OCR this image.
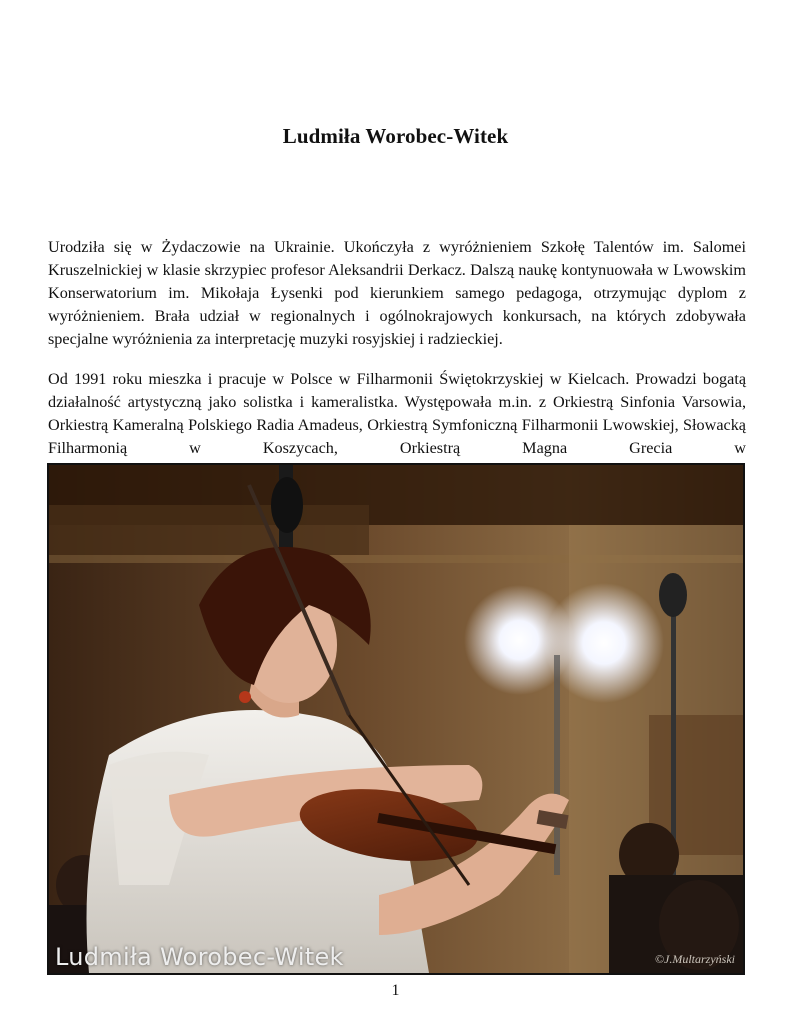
Ludmiła Worobec-Witek

Urodziła się w Żydaczowie na Ukrainie. Ukończyła z wyróżnieniem Szkołę Talentów im. Salomei Kruszelnickiej w klasie skrzypiec profesor Aleksandrii Derkacz. Dalszą naukę kontynuowała w Lwowskim Konserwatorium im. Mikołaja Łysenki pod kierunkiem samego pedagoga, otrzymując dyplom z wyróżnieniem. Brała udział w regionalnych i ogólnokrajowych konkursach, na których zdobywała specjalne wyróżnienia za interpretację muzyki rosyjskiej i radzieckiej.

Od 1991 roku mieszka i pracuje w Polsce w Filharmonii Świętokrzyskiej w Kielcach. Prowadzi bogatą działalność artystyczną jako solistka i kameralistka. Występowała m.in. z Orkiestrą Sinfonia Varsowia, Orkiestrą Kameralną Polskiego Radia Amadeus, Orkiestrą Symfoniczną Filharmonii Lwowskiej, Słowacką Filharmonią w Koszycach, Orkiestrą Magna Grecia w

Ludmiła Worobec-Witek	©J.Multarzyński
1
